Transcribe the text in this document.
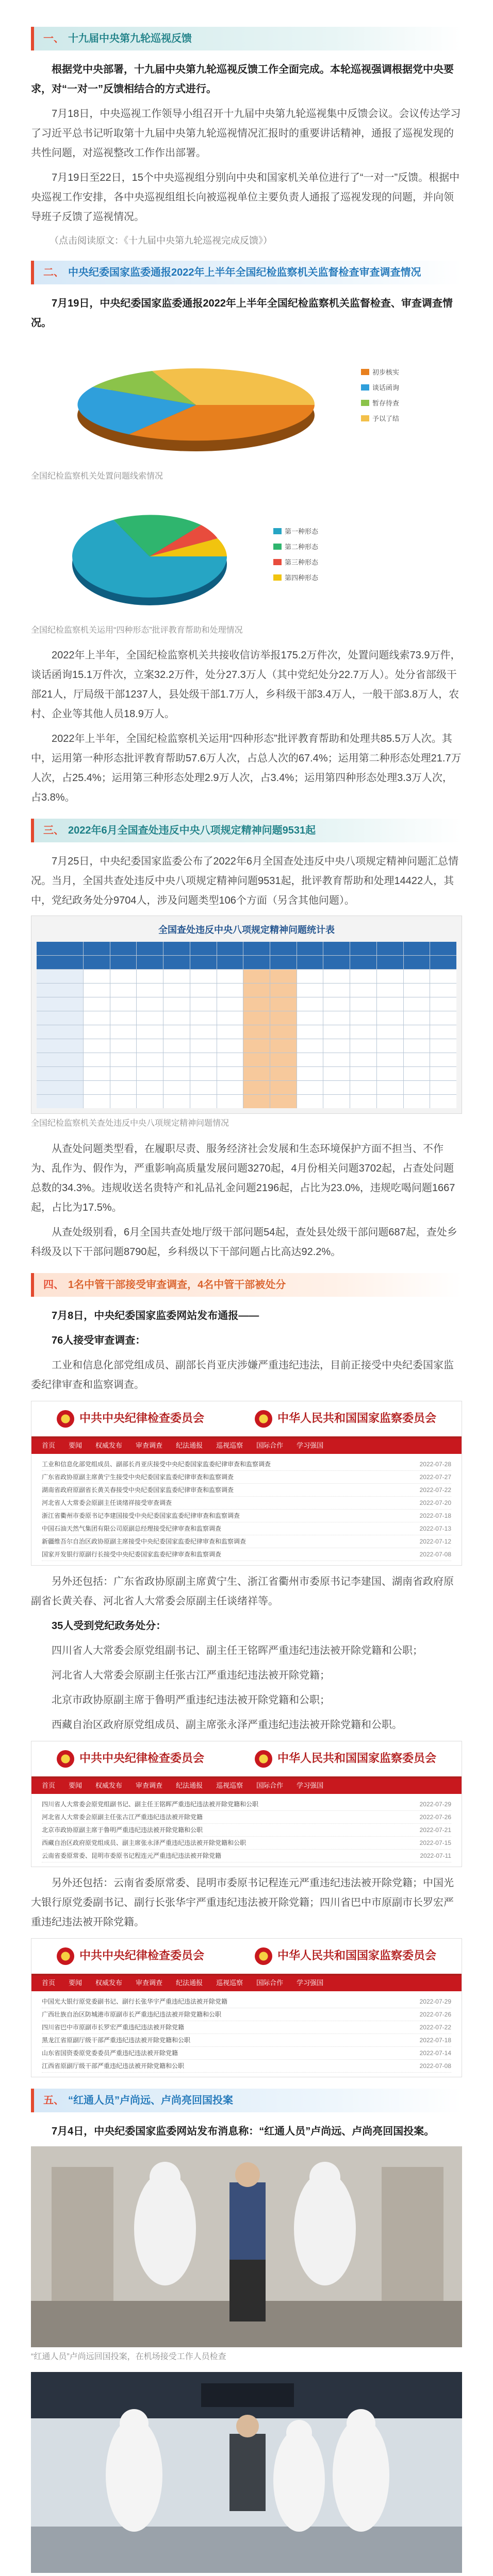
一、 十九届中央第九轮巡视反馈

根据党中央部署，十九届中央第九轮巡视反馈工作全面完成。本轮巡视强调根据党中央要求，对“一对一”反馈相结合的方式进行。

7月18日，中央巡视工作领导小组召开十九届中央第九轮巡视集中反馈会议。会议传达学习了习近平总书记听取第十九届中央第九轮巡视情况汇报时的重要讲话精神，通报了巡视发现的共性问题，对巡视整改工作作出部署。

7月19日至22日，15个中央巡视组分别向中央和国家机关单位进行了“一对一”反馈。根据中央巡视工作安排，各中央巡视组组长向被巡视单位主要负责人通报了巡视发现的问题，并向领导班子反馈了巡视情况。

（点击阅读原文：《十九届中央第九轮巡视完成反馈》）

二、 中央纪委国家监委通报2022年上半年全国纪检监察机关监督检查审查调查情况

7月19日，中央纪委国家监委通报2022年上半年全国纪检监察机关监督检查、审查调查情况。

初步核实
谈话函询
暂存待查
予以了结
全国纪检监察机关处置问题线索情况
第一种形态
第二种形态
第三种形态
第四种形态
全国纪检监察机关运用“四种形态”批评教育帮助和处理情况

2022年上半年，全国纪检监察机关共接收信访举报175.2万件次，处置问题线索73.9万件，谈话函询15.1万件次，立案32.2万件，处分27.3万人（其中党纪处分22.7万人）。处分省部级干部21人，厅局级干部1237人，县处级干部1.7万人，乡科级干部3.4万人，一般干部3.8万人，农村、企业等其他人员18.9万人。

2022年上半年，全国纪检监察机关运用“四种形态”批评教育帮助和处理共85.5万人次。其中，运用第一种形态批评教育帮助57.6万人次，占总人次的67.4%；运用第二种形态处理21.7万人次，占25.4%；运用第三种形态处理2.9万人次，占3.4%；运用第四种形态处理3.3万人次，占3.8%。

三、 2022年6月全国查处违反中央八项规定精神问题9531起

7月25日，中央纪委国家监委公布了2022年6月全国查处违反中央八项规定精神问题汇总情况。当月，全国共查处违反中央八项规定精神问题9531起，批评教育帮助和处理14422人，其中，党纪政务处分9704人，涉及问题类型106个方面（另含其他问题）。

全国查处违反中央八项规定精神问题统计表
全国纪检监察机关查处违反中央八项规定精神问题情况

从查处问题类型看，在履职尽责、服务经济社会发展和生态环境保护方面不担当、不作为、乱作为、假作为，严重影响高质量发展问题3270起，4月份相关问题3702起，占查处问题总数的34.3%。违规收送名贵特产和礼品礼金问题2196起，占比为23.0%，违规吃喝问题1667起，占比为17.5%。

从查处级别看，6月全国共查处地厅级干部问题54起，查处县处级干部问题687起，查处乡科级及以下干部问题8790起，乡科级以下干部问题占比高达92.2%。

四、 1名中管干部接受审查调查，4名中管干部被处分

7月8日，中央纪委国家监委网站发布通报——

76人接受审查调查：

工业和信息化部党组成员、副部长肖亚庆涉嫌严重违纪违法，目前正接受中央纪委国家监委纪律审查和监察调查。

中共中央纪律检查委员会	中华人民共和国国家监察委员会
首页 要闻 权威发布 审查调查 纪法通报 巡视巡察 国际合作 学习强国
工业和信息化部党组成员、副部长肖亚庆接受中央纪委国家监委纪律审查和监察调查	2022-07-28
广东省政协原副主席黄宁生接受中央纪委国家监委纪律审查和监察调查	2022-07-27
湖南省政府原副省长黄关春接受中央纪委国家监委纪律审查和监察调查	2022-07-22
河北省人大常委会原副主任谈绪祥接受审查调查	2022-07-20
浙江省衢州市委原书记李建国接受中央纪委国家监委纪律审查和监察调查	2022-07-18
中国石油天然气集团有限公司原副总经理接受纪律审查和监察调查	2022-07-13
新疆维吾尔自治区政协原副主席接受中央纪委国家监委纪律审查和监察调查	2022-07-12
国家开发银行原副行长接受中央纪委国家监委纪律审查和监察调查	2022-07-08

另外还包括：广东省政协原副主席黄宁生、浙江省衢州市委原书记李建国、湖南省政府原副省长黄关春、河北省人大常委会原副主任谈绪祥等。

35人受到党纪政务处分：

四川省人大常委会原党组副书记、副主任王铭晖严重违纪违法被开除党籍和公职；

河北省人大常委会原副主任张古江严重违纪违法被开除党籍；

北京市政协原副主席于鲁明严重违纪违法被开除党籍和公职；

西藏自治区政府原党组成员、副主席张永泽严重违纪违法被开除党籍和公职。

中共中央纪律检查委员会	中华人民共和国国家监察委员会
首页 要闻 权威发布 审查调查 纪法通报 巡视巡察 国际合作 学习强国
四川省人大常委会原党组副书记、副主任王铭晖严重违纪违法被开除党籍和公职	2022-07-29
河北省人大常委会原副主任张古江严重违纪违法被开除党籍	2022-07-26
北京市政协原副主席于鲁明严重违纪违法被开除党籍和公职	2022-07-21
西藏自治区政府原党组成员、副主席张永泽严重违纪违法被开除党籍和公职	2022-07-15
云南省委原常委、昆明市委原书记程连元严重违纪违法被开除党籍	2022-07-11

另外还包括：云南省委原常委、昆明市委原书记程连元严重违纪违法被开除党籍；中国光大银行原党委副书记、副行长张华宇严重违纪违法被开除党籍；四川省巴中市原副市长罗宏严重违纪违法被开除党籍。

中共中央纪律检查委员会	中华人民共和国国家监察委员会
首页 要闻 权威发布 审查调查 纪法通报 巡视巡察 国际合作 学习强国
中国光大银行原党委副书记、副行长张华宇严重违纪违法被开除党籍	2022-07-29
广西壮族自治区防城港市原副市长严重违纪违法被开除党籍和公职	2022-07-26
四川省巴中市原副市长罗宏严重违纪违法被开除党籍	2022-07-22
黑龙江省原副厅级干部严重违纪违法被开除党籍和公职	2022-07-18
山东省国资委原党委委员严重违纪违法被开除党籍	2022-07-14
江西省原副厅级干部严重违纪违法被开除党籍和公职	2022-07-08
五、 “红通人员”卢尚远、卢尚亮回国投案

7月4日，中央纪委国家监委网站发布消息称：“红通人员”卢尚远、卢尚亮回国投案。

“红通人员”卢尚远回国投案，在机场接受工作人员检查
